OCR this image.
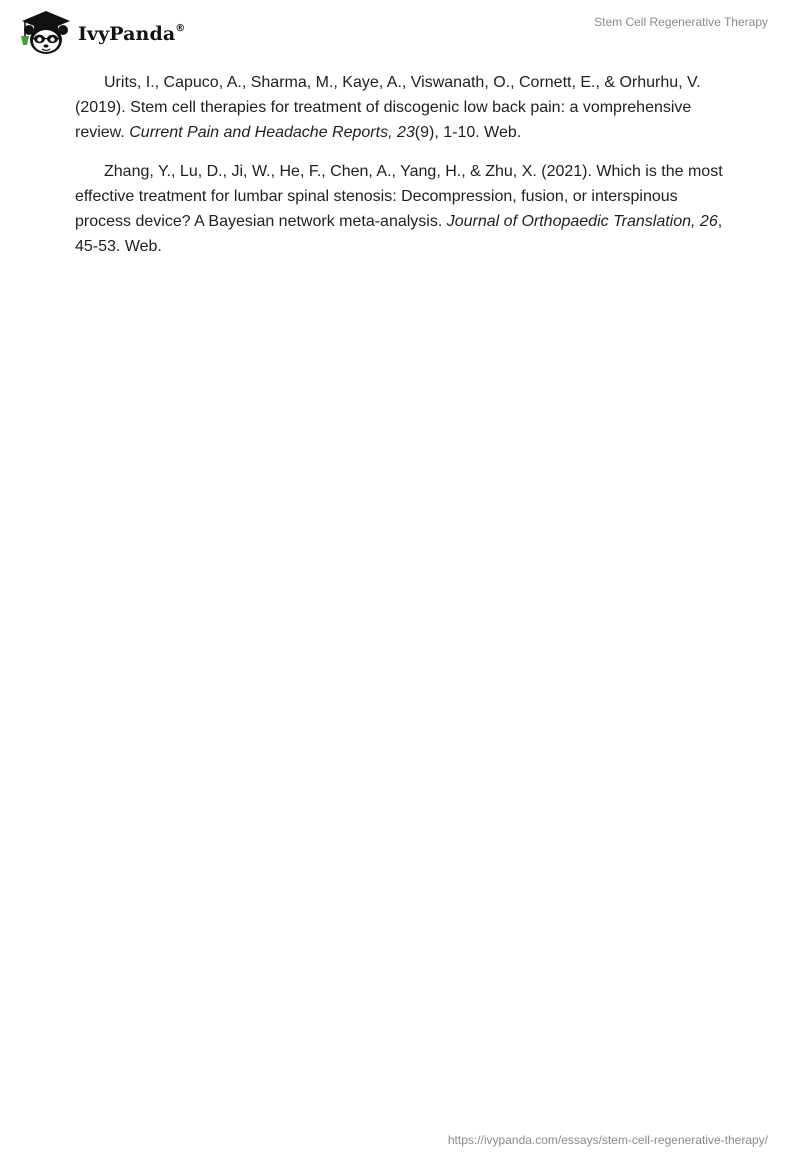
IvyPanda®	Stem Cell Regenerative Therapy

Urits, I., Capuco, A., Sharma, M., Kaye, A., Viswanath, O., Cornett, E., & Orhurhu, V. (2019). Stem cell therapies for treatment of discogenic low back pain: a vomprehensive review. Current Pain and Headache Reports, 23(9), 1-10. Web.

Zhang, Y., Lu, D., Ji, W., He, F., Chen, A., Yang, H., & Zhu, X. (2021). Which is the most effective treatment for lumbar spinal stenosis: Decompression, fusion, or interspinous process device? A Bayesian network meta-analysis. Journal of Orthopaedic Translation, 26, 45-53. Web.

https://ivypanda.com/essays/stem-cell-regenerative-therapy/
